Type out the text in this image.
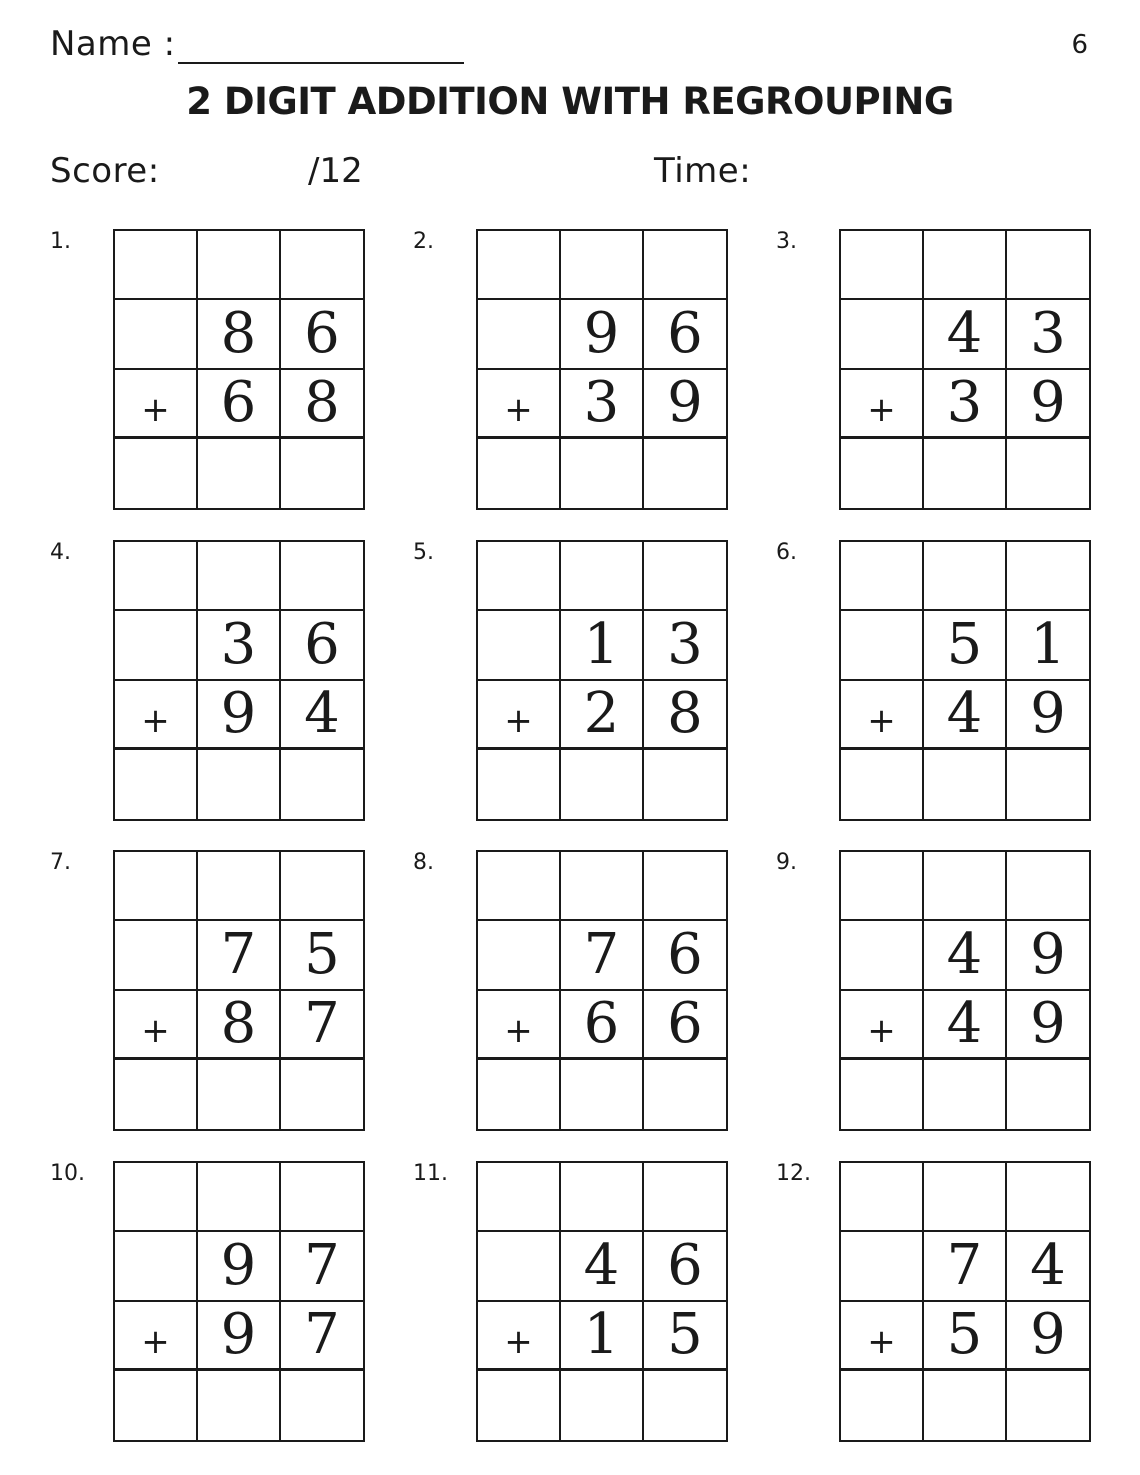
Name :	6
2 DIGIT ADDITION WITH REGROUPING
Score:	/12	Time:
1.
8 6
+ 6 8
2.
9 6
+ 3 9
3.
4 3
+ 3 9
4.
3 6
+ 9 4
5.
1 3
+ 2 8
6.
5 1
+ 4 9
7.
7 5
+ 8 7
8.
7 6
+ 6 6
9.
4 9
+ 4 9
10.
9 7
+ 9 7
11.
4 6
+ 1 5
12.
7 4
+ 5 9
